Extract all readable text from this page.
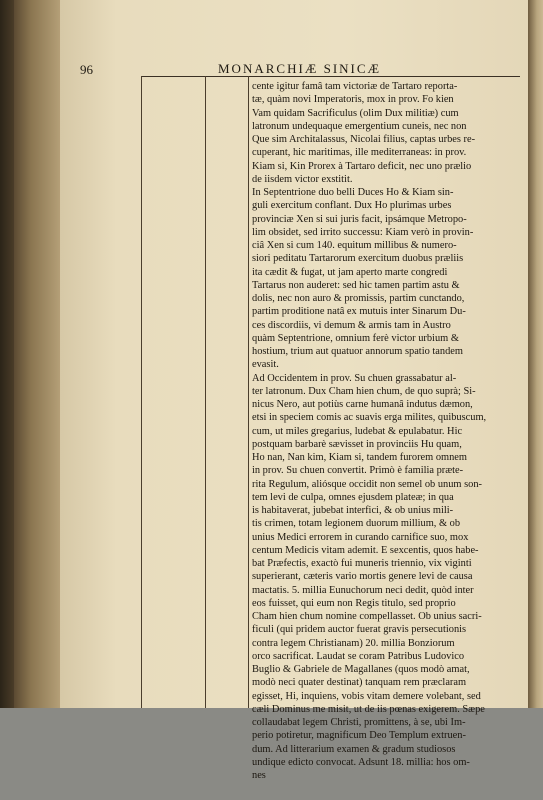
96	MONARCHIÆ SINICÆ
cente igitur famâ tam victoriæ de Tartaro reporta-
tæ, quàm novi Imperatoris, mox in prov. Fo kien
Vam quidam Sacrificulus (olim Dux militiæ) cum
latronum undequaque emergentium cuneis, nec non
Que sim Architalassus, Nicolai filius, captas urbes re-
cuperant, hic maritimas, ille mediterraneas: in prov.
Kiam si, Kin Prorex à Tartaro deficit, nec uno prælio
de iisdem victor exstitit.
In Septentrione duo belli Duces Ho & Kiam sin-
guli exercitum conflant. Dux Ho plurimas urbes
provinciæ Xen si sui juris facit, ipsámque Metropo-
lim obsidet, sed irrito successu: Kiam verò in provin-
ciâ Xen si cum 140. equitum millibus & numero-
siori peditatu Tartarorum exercitum duobus præliis
ita cædit & fugat, ut jam aperto marte congredi
Tartarus non auderet: sed hic tamen partim astu &
dolis, nec non auro & promissis, partim cunctando,
partim proditione natâ ex mutuis inter Sinarum Du-
ces discordiis, vi demum & armis tam in Austro
quàm Septentrione, omnium ferè victor urbium &
hostium, trium aut quatuor annorum spatio tandem
evasit.
Ad Occidentem in prov. Su chuen grassabatur al-
ter latronum. Dux Cham hien chum, de quo suprà; Si-
nicus Nero, aut potiùs carne humanâ indutus dæmon,
etsi in speciem comis ac suavis erga milites, quibuscum,
cum, ut miles gregarius, ludebat & epulabatur. Hic
postquam barbarè sævisset in provinciis Hu quam,
Ho nan, Nan kim, Kiam si, tandem furorem omnem
in prov. Su chuen convertit. Primò è familia præte-
rita Regulum, aliósque occidit non semel ob unum son-
tem levi de culpa, omnes ejusdem plateæ; in qua
is habitaverat, jubebat interfici, & ob unius mili-
tis crimen, totam legionem duorum millium, & ob
unius Medici errorem in curando carnifice suo, mox
centum Medicis vitam ademit. E sexcentis, quos habe-
bat Præfectis, exactò fui muneris triennio, vix viginti
superierant, cæteris vario mortis genere levi de causa
mactatis. 5. millia Eunuchorum neci dedit, quòd inter
eos fuisset, qui eum non Regis titulo, sed proprio
Cham hien chum nomine compellasset. Ob unius sacri-
ficuli (qui pridem auctor fuerat gravis persecutionis
contra legem Christianam) 20. millia Bonziorum
orco sacrificat. Laudat se coram Patribus Ludovico
Buglio & Gabriele de Magallanes (quos modò amat,
modò neci quater destinat) tanquam rem præclaram
egisset, Hi, inquiens, vobis vitam demere volebant, sed
cæli Dominus me misit, ut de iis pœnas exigerem. Sæpe
collaudabat legem Christi, promittens, à se, ubi Im-
perio potiretur, magnificum Deo Templum extruen-
dum. Ad litterarium examen & gradum studiosos
undique edicto convocat. Adsunt 18. millia: hos om-
nes
